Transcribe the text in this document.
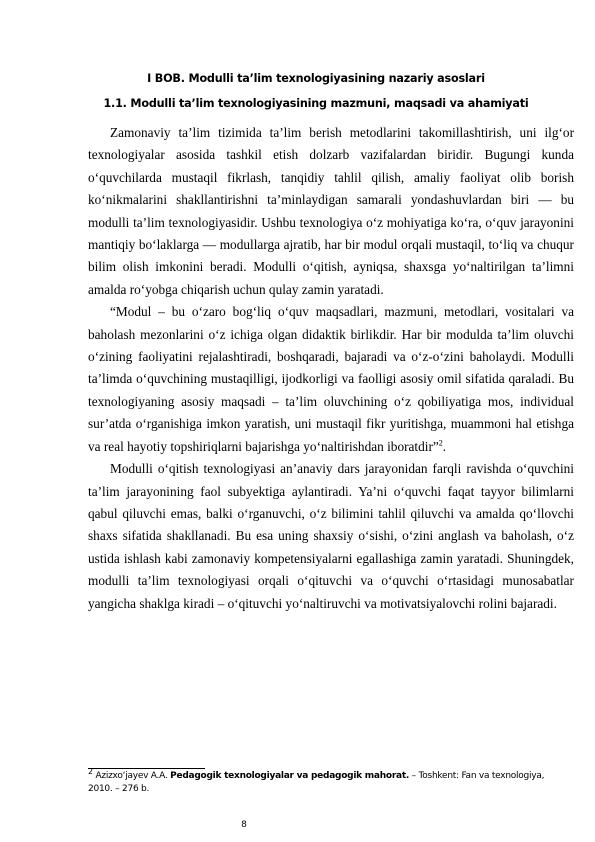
I BOB. Modulli ta’lim texnologiyasining nazariy asoslari
1.1. Modulli ta’lim texnologiyasining mazmuni, maqsadi va ahamiyati

Zamonaviy ta’lim tizimida ta’lim berish metodlarini takomillashtirish, uni ilg‘or texnologiyalar asosida tashkil etish dolzarb vazifalardan biridir. Bugungi kunda o‘quvchilarda mustaqil fikrlash, tanqidiy tahlil qilish, amaliy faoliyat olib borish ko‘nikmalarini shakllantirishni ta’minlaydigan samarali yondashuvlardan biri — bu modulli ta’lim texnologiyasidir. Ushbu texnologiya o‘z mohiyatiga ko‘ra, o‘quv jarayonini mantiqiy bo‘laklarga — modullarga ajratib, har bir modul orqali mustaqil, to‘liq va chuqur bilim olish imkonini beradi. Modulli o‘qitish, ayniqsa, shaxsga yo‘naltirilgan ta’limni amalda ro‘yobga chiqarish uchun qulay zamin yaratadi.

“Modul – bu o‘zaro bog‘liq o‘quv maqsadlari, mazmuni, metodlari, vositalari va baholash mezonlarini o‘z ichiga olgan didaktik birlikdir. Har bir modulda ta’lim oluvchi o‘zining faoliyatini rejalashtiradi, boshqaradi, bajaradi va o‘z-o‘zini baholaydi. Modulli ta’limda o‘quvchining mustaqilligi, ijodkorligi va faolligi asosiy omil sifatida qaraladi. Bu texnologiyaning asosiy maqsadi – ta’lim oluvchining o‘z qobiliyatiga mos, individual sur’atda o‘rganishiga imkon yaratish, uni mustaqil fikr yuritishga, muammoni hal etishga va real hayotiy topshiriqlarni bajarishga yo‘naltirishdan iboratdir”$^2$.

Modulli o‘qitish texnologiyasi an’anaviy dars jarayonidan farqli ravishda o‘quvchini ta’lim jarayonining faol subyektiga aylantiradi. Ya’ni o‘quvchi faqat tayyor bilimlarni qabul qiluvchi emas, balki o‘rganuvchi, o‘z bilimini tahlil qiluvchi va amalda qo‘llovchi shaxs sifatida shakllanadi. Bu esa uning shaxsiy o‘sishi, o‘zini anglash va baholash, o‘z ustida ishlash kabi zamonaviy kompetensiyalarni egallashiga zamin yaratadi. Shuningdek, modulli ta’lim texnologiyasi orqali o‘qituvchi va o‘quvchi o‘rtasidagi munosabatlar yangicha shaklga kiradi – o‘qituvchi yo‘naltiruvchi va motivatsiyalovchi rolini bajaradi.

$^2$ Azizxo‘jayev A.A. Pedagogik texnologiyalar va pedagogik mahorat. – Toshkent: Fan va texnologiya, 2010. – 276 b.
8
